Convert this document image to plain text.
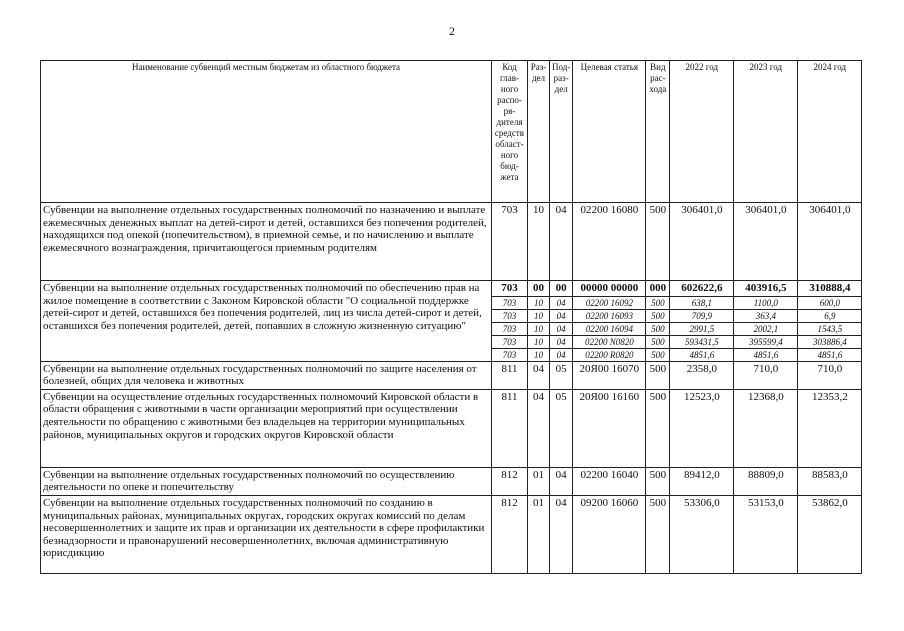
2
Наименование субвенций местным бюджетам из областного бюджета	Код глав- ного распо- ря- дителя средств област- ного бюд- жета	Раз- дел	Под- раз- дел	Целевая статья	Вид рас- хода	2022 год	2023 год	2024 год
Субвенции на выполнение отдельных государственных полномочий по назначению и выплате ежемесячных денежных выплат на детей-сирот и детей, оставшихся без попечения родителей, находящихся под опекой (попечительством), в приемной семье, и по начислению и выплате ежемесячного вознаграждения, причитающегося приемным родителям	703	10	04	02200 16080	500	306401,0	306401,0	306401,0
Субвенции на выполнение отдельных государственных полномочий по обеспечению прав на жилое помещение в соответствии с Законом Кировской области "О социальной поддержке детей-сирот и детей, оставшихся без попечения родителей, лиц из числа детей-сирот и детей, оставшихся без попечения родителей, детей, попавших в сложную жизненную ситуацию"	703	00	00	00000 00000	000	602622,6	403916,5	310888,4
	703	10	04	02200 16092	500	638,1	1100,0	600,0
	703	10	04	02200 16093	500	709,9	363,4	6,9
	703	10	04	02200 16094	500	2991,5	2002,1	1543,5
	703	10	04	02200 N0820	500	593431,5	395599,4	303886,4
	703	10	04	02200 R0820	500	4851,6	4851,6	4851,6
Субвенции на выполнение отдельных государственных полномочий по защите населения от болезней, общих для человека и животных	811	04	05	20Я00 16070	500	2358,0	710,0	710,0
Субвенции на осуществление отдельных государственных полномочий Кировской области в области обращения с животными в части организации мероприятий при осуществлении деятельности по обращению с животными без владельцев на территории муниципальных районов, муниципальных округов и городских округов Кировской области	811	04	05	20Я00 16160	500	12523,0	12368,0	12353,2
Субвенции на выполнение отдельных государственных полномочий по осуществлению деятельности по опеке и попечительству	812	01	04	02200 16040	500	89412,0	88809,0	88583,0
Субвенции на выполнение отдельных государственных полномочий по созданию в муниципальных районах, муниципальных округах, городских округах комиссий по делам несовершеннолетних и защите их прав и организации их деятельности в сфере профилактики безнадзорности и правонарушений несовершеннолетних, включая административную юрисдикцию	812	01	04	09200 16060	500	53306,0	53153,0	53862,0
